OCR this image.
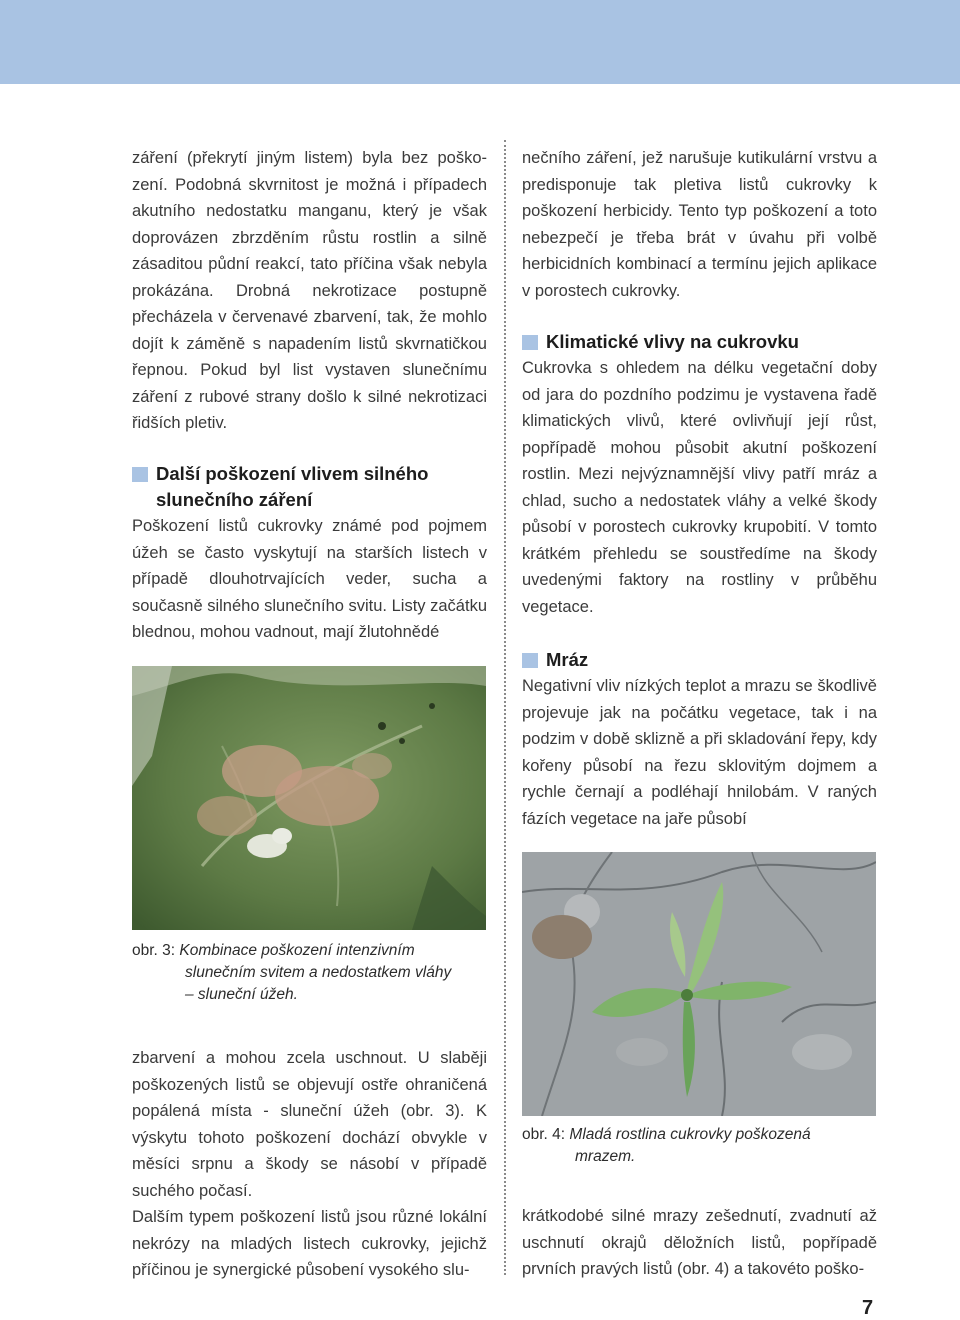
záření (překrytí jiným listem) byla bez poško-zení. Podobná skvrnitost je možná i případech akutního nedostatku manganu, který je však doprovázen zbrzděním růstu rostlin a silně zásaditou půdní reakcí, tato příčina však nebyla prokázána. Drobná nekrotizace postupně přecházela v červenavé zbarvení, tak, že mohlo dojít k záměně s napadením listů skvrnatičkou řepnou. Pokud byl list vystaven slunečnímu záření z rubové strany došlo k silné nekrotizaci řidších pletiv.

Další poškození vlivem silného
slunečního záření

Poškození listů cukrovky známé pod pojmem úžeh se často vyskytují na starších listech v případě dlouhotrvajících veder, sucha a současně silného slunečního svitu. Listy začátku blednou, mohou vadnout, mají žlutohnědé

obr. 3: Kombinace poškození intenzivním
slunečním svitem a nedostatkem vláhy
– sluneční úžeh.

zbarvení a mohou zcela uschnout. U slaběji poškozených listů se objevují ostře ohraničená popálená místa - sluneční úžeh (obr. 3). K výskytu tohoto poškození dochází obvykle v měsíci srpnu a škody se násobí v případě suchého počasí.

Dalším typem poškození listů jsou různé lokální nekrózy na mladých listech cukrovky, jejichž příčinou je synergické působení vysokého slu-

nečního záření, jež narušuje kutikulární vrstvu a predisponuje tak pletiva listů cukrovky k poškození herbicidy. Tento typ poškození a toto nebezpečí je třeba brát v úvahu při volbě herbicidních kombinací a termínu jejich aplikace v porostech cukrovky.

Klimatické vlivy na cukrovku

Cukrovka s ohledem na délku vegetační doby od jara do pozdního podzimu je vystavena řadě klimatických vlivů, které ovlivňují její růst, popřípadě mohou působit akutní poškození rostlin. Mezi nejvýznamnější vlivy patří mráz a chlad, sucho a nedostatek vláhy a velké škody působí v porostech cukrovky krupobití. V tomto krátkém přehledu se soustředíme na škody uvedenými faktory na rostliny v průběhu vegetace.

Mráz

Negativní vliv nízkých teplot a mrazu se škodlivě projevuje jak na počátku vegetace, tak i na podzim v době sklizně a při skladování řepy, kdy kořeny působí na řezu sklovitým dojmem a rychle černají a podléhají hnilobám. V raných fázích vegetace na jaře působí

obr. 4: Mladá rostlina cukrovky poškozená
mrazem.

krátkodobé silné mrazy zešednutí, zvadnutí až uschnutí okrajů děložních listů, popřípadě prvních pravých listů (obr. 4) a takovéto poško-

7
